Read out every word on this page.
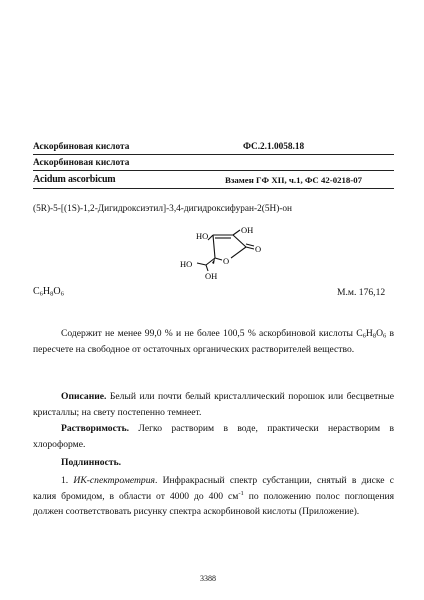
Аскорбиновая кислота	ФС.2.1.0058.18
Аскорбиновая кислота
Acidum ascorbicum	Взамен ГФ XII, ч.1, ФС 42-0218-07
(5R)-5-[(1S)-1,2-Дигидроксиэтил]-3,4-дигидроксифуран-2(5H)-он
HO
OH
O
O
HO
OH
$C_6H_8O_6$	М.м. 176,12
Содержит не менее 99,0 % и не более 100,5 % аскорбиновой кислоты $C_6H_8O_6$ в пересчете на свободное от остаточных органических растворителей вещество.
Описание. Белый или почти белый кристаллический порошок или бесцветные кристаллы; на свету постепенно темнеет.
Растворимость. Легко растворим в воде, практически нерастворим в хлороформе.
Подлинность.
1. ИК-спектрометрия. Инфракрасный спектр субстанции, снятый в диске с калия бромидом, в области от 4000 до 400 $см^{-1}$ по положению полос поглощения должен соответствовать рисунку спектра аскорбиновой кислоты (Приложение).
3388
